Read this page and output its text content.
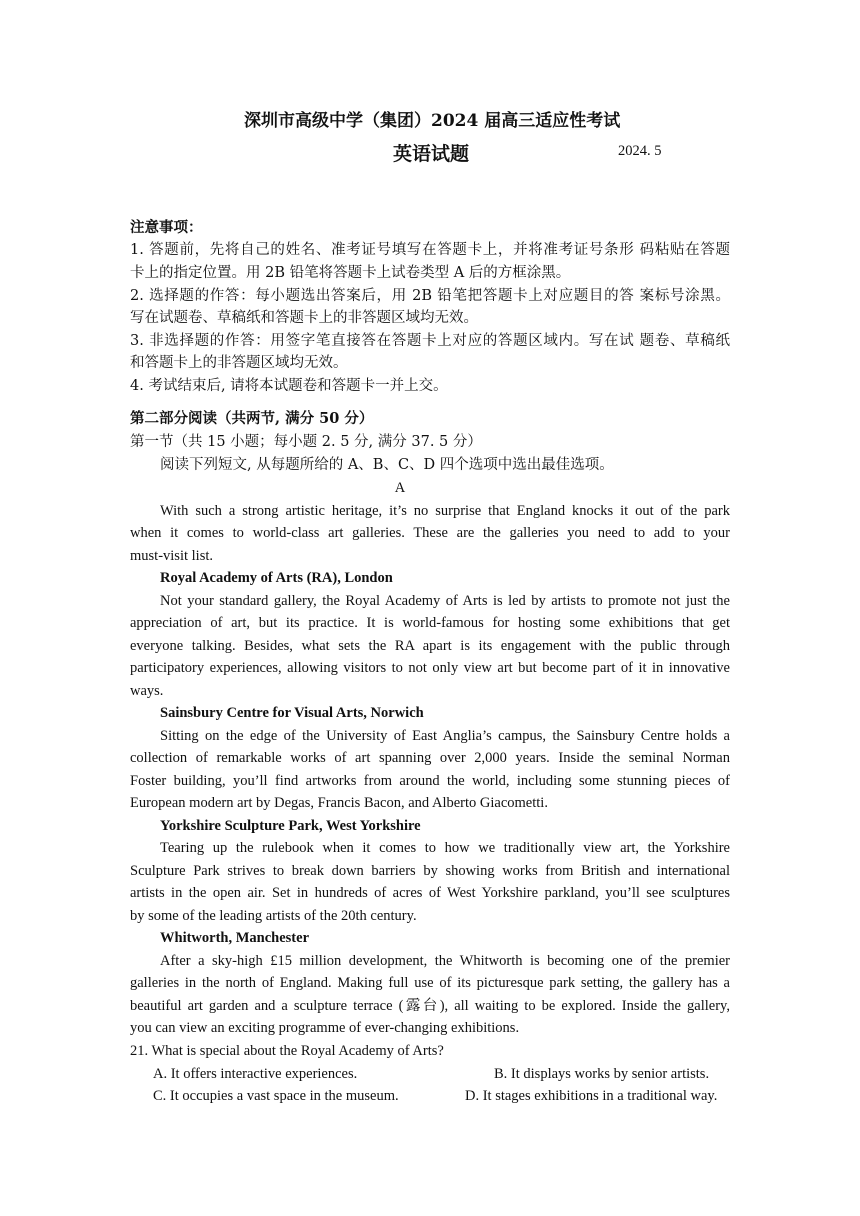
深圳市高级中学（集团）2024 届高三适应性考试
英语试题	2024. 5
注意事项：
1. 答题前，先将自己的姓名、准考证号填写在答题卡上，并将准考证号条形 码粘贴在答题
卡上的指定位置。用 2B 铅笔将答题卡上试卷类型 A 后的方框涂黑。
2. 选择题的作答：每小题选出答案后，用 2B 铅笔把答题卡上对应题目的答 案标号涂黑。
写在试题卷、草稿纸和答题卡上的非答题区域均无效。
3. 非选择题的作答：用签字笔直接答在答题卡上对应的答题区域内。写在试 题卷、草稿纸
和答题卡上的非答题区域均无效。
4. 考试结束后, 请将本试题卷和答题卡一并上交。
第二部分阅读（共两节, 满分 50 分）
第一节（共 15 小题；每小题 2. 5 分, 满分 37. 5 分）
阅读下列短文, 从每题所给的 A、B、C、D 四个选项中选出最佳选项。
A
With such a strong artistic heritage, it’s no surprise that England knocks it out of the park
when it comes to world-class art galleries. These are the galleries you need to add to your
must-visit list.
Royal Academy of Arts (RA), London
Not your standard gallery, the Royal Academy of Arts is led by artists to promote not just the
appreciation of art, but its practice. It is world-famous for hosting some exhibitions that get
everyone talking. Besides, what sets the RA apart is its engagement with the public through
participatory experiences, allowing visitors to not only view art but become part of it in innovative
ways.
Sainsbury Centre for Visual Arts, Norwich
Sitting on the edge of the University of East Anglia’s campus, the Sainsbury Centre holds a
collection of remarkable works of art spanning over 2,000 years. Inside the seminal Norman
Foster building, you’ll find artworks from around the world, including some stunning pieces of
European modern art by Degas, Francis Bacon, and Alberto Giacometti.
Yorkshire Sculpture Park, West Yorkshire
Tearing up the rulebook when it comes to how we traditionally view art, the Yorkshire
Sculpture Park strives to break down barriers by showing works from British and international
artists in the open air. Set in hundreds of acres of West Yorkshire parkland, you’ll see sculptures
by some of the leading artists of the 20th century.
Whitworth, Manchester
After a sky-high £15 million development, the Whitworth is becoming one of the premier
galleries in the north of England. Making full use of its picturesque park setting, the gallery has a
beautiful art garden and a sculpture terrace (露台), all waiting to be explored. Inside the gallery,
you can view an exciting programme of ever-changing exhibitions.
21. What is special about the Royal Academy of Arts?
A. It offers interactive experiences.	B. It displays works by senior artists.
C. It occupies a vast space in the museum.	D. It stages exhibitions in a traditional way.
